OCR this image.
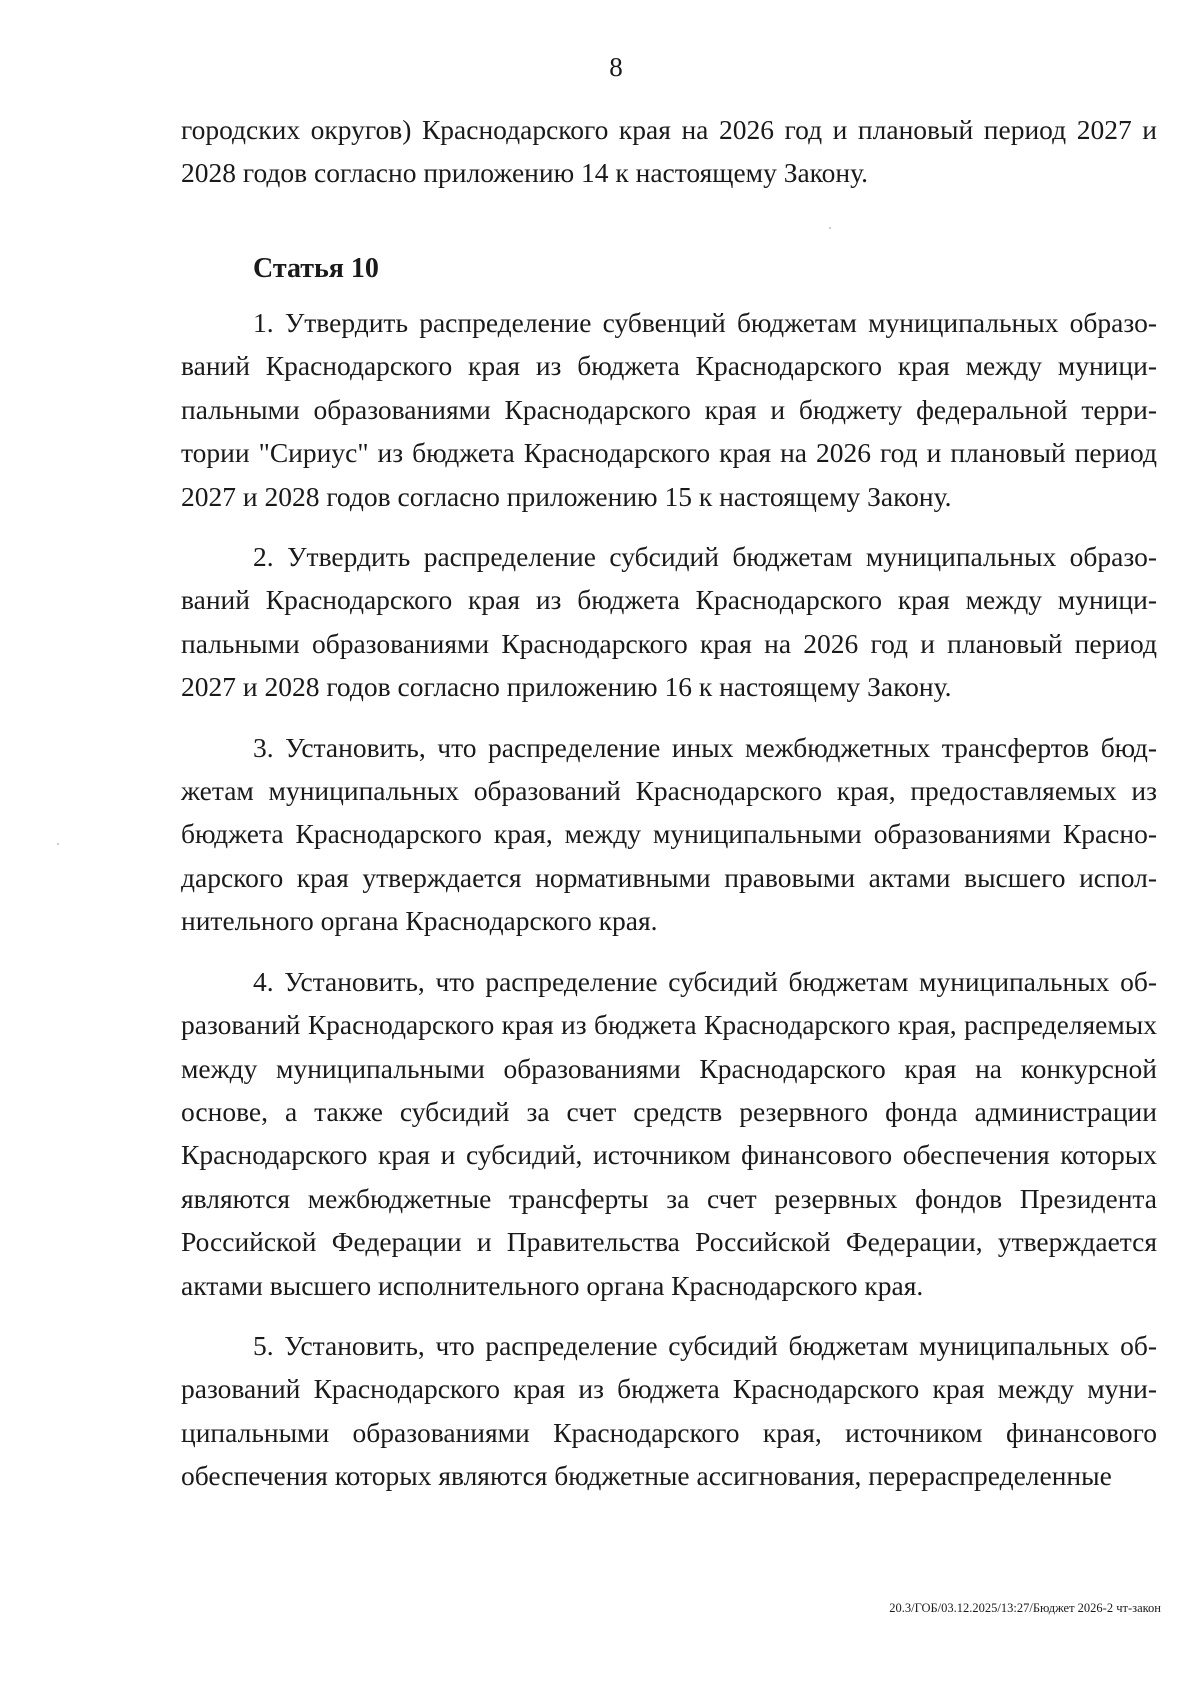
8
городских округов) Краснодарского края на 2026 год и плановый период 2027 и 2028 годов согласно приложению 14 к настоящему Закону.
Статья 10

1. Утвердить распределение субвенций бюджетам муниципальных образований Краснодарского края из бюджета Краснодарского края между муниципальными образованиями Краснодарского края и бюджету федеральной территории "Сириус" из бюджета Краснодарского края на 2026 год и плановый период 2027 и 2028 годов согласно приложению 15 к настоящему Закону.

2. Утвердить распределение субсидий бюджетам муниципальных образований Краснодарского края из бюджета Краснодарского края между муниципальными образованиями Краснодарского края на 2026 год и плановый период 2027 и 2028 годов согласно приложению 16 к настоящему Закону.

3. Установить, что распределение иных межбюджетных трансфертов бюджетам муниципальных образований Краснодарского края, предоставляемых из бюджета Краснодарского края, между муниципальными образованиями Краснодарского края утверждается нормативными правовыми актами высшего исполнительного органа Краснодарского края.

4. Установить, что распределение субсидий бюджетам муниципальных образований Краснодарского края из бюджета Краснодарского края, распределяемых между муниципальными образованиями Краснодарского края на конкурсной основе, а также субсидий за счет средств резервного фонда администрации Краснодарского края и субсидий, источником финансового обеспечения которых являются межбюджетные трансферты за счет резервных фондов Президента Российской Федерации и Правительства Российской Федерации, утверждается актами высшего исполнительного органа Краснодарского края.

5. Установить, что распределение субсидий бюджетам муниципальных образований Краснодарского края из бюджета Краснодарского края между муниципальными образованиями Краснодарского края, источником финансового обеспечения которых являются бюджетные ассигнования, перераспределенные

20.3/ГОБ/03.12.2025/13:27/Бюджет 2026-2 чт-закон
